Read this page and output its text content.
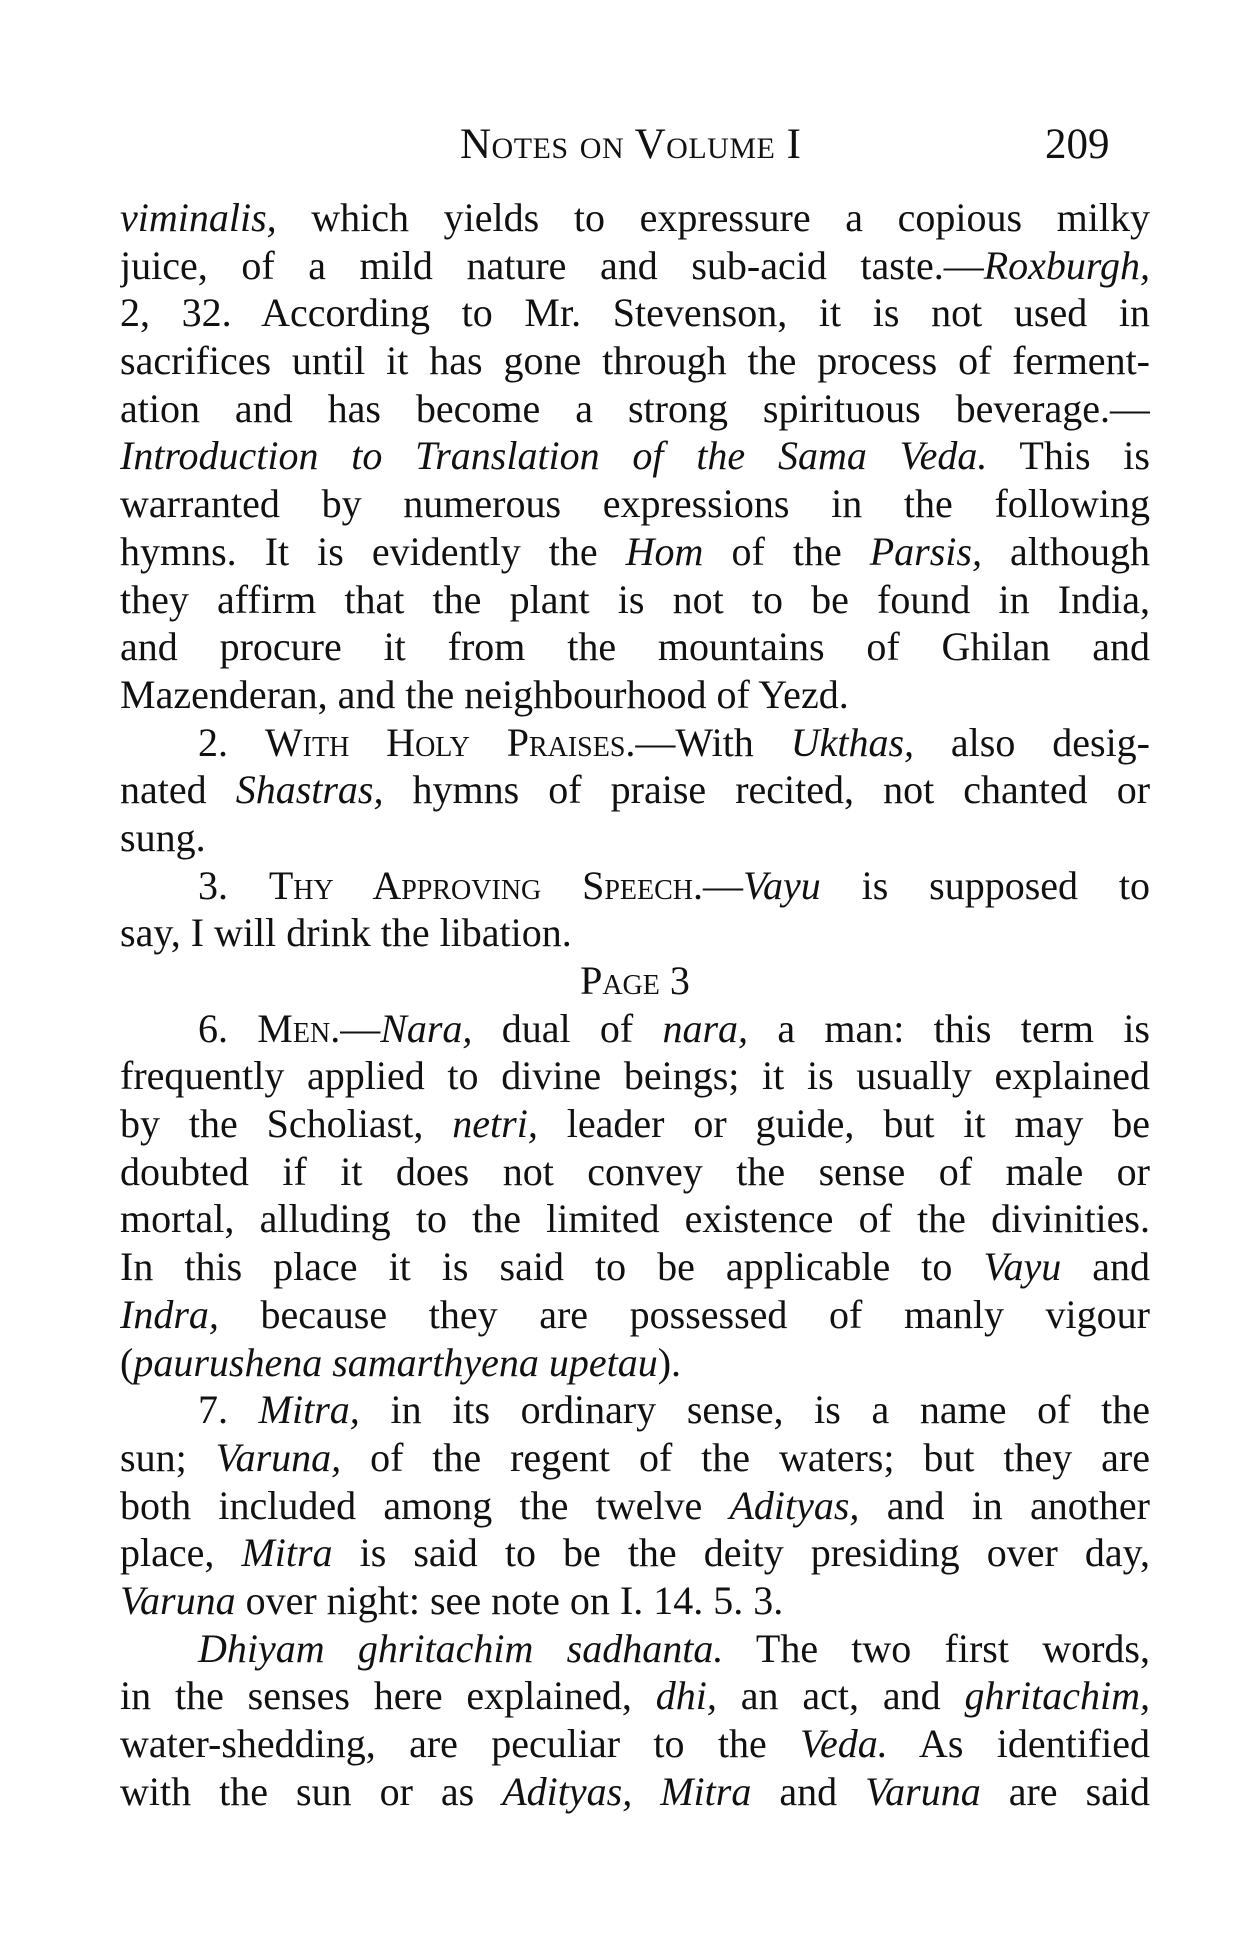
Notes on Volume I	209
viminalis, which yields to expressure a copious milky
juice, of a mild nature and sub-acid taste.—Roxburgh,
2, 32. According to Mr. Stevenson, it is not used in
sacrifices until it has gone through the process of ferment-
ation and has become a strong spirituous beverage.—
Introduction to Translation of the Sama Veda. This is
warranted by numerous expressions in the following
hymns. It is evidently the Hom of the Parsis, although
they affirm that the plant is not to be found in India,
and procure it from the mountains of Ghilan and
Mazenderan, and the neighbourhood of Yezd.
2. With Holy Praises.—With Ukthas, also desig-
nated Shastras, hymns of praise recited, not chanted or
sung.
3. Thy Approving Speech.—Vayu is supposed to
say, I will drink the libation.
Page 3
6. Men.—Nara, dual of nara, a man: this term is
frequently applied to divine beings; it is usually explained
by the Scholiast, netri, leader or guide, but it may be
doubted if it does not convey the sense of male or
mortal, alluding to the limited existence of the divinities.
In this place it is said to be applicable to Vayu and
Indra, because they are possessed of manly vigour
(paurushena samarthyena upetau).
7. Mitra, in its ordinary sense, is a name of the
sun; Varuna, of the regent of the waters; but they are
both included among the twelve Adityas, and in another
place, Mitra is said to be the deity presiding over day,
Varuna over night: see note on I. 14. 5. 3.
Dhiyam ghritachim sadhanta. The two first words,
in the senses here explained, dhi, an act, and ghritachim,
water-shedding, are peculiar to the Veda. As identified
with the sun or as Adityas, Mitra and Varuna are said
